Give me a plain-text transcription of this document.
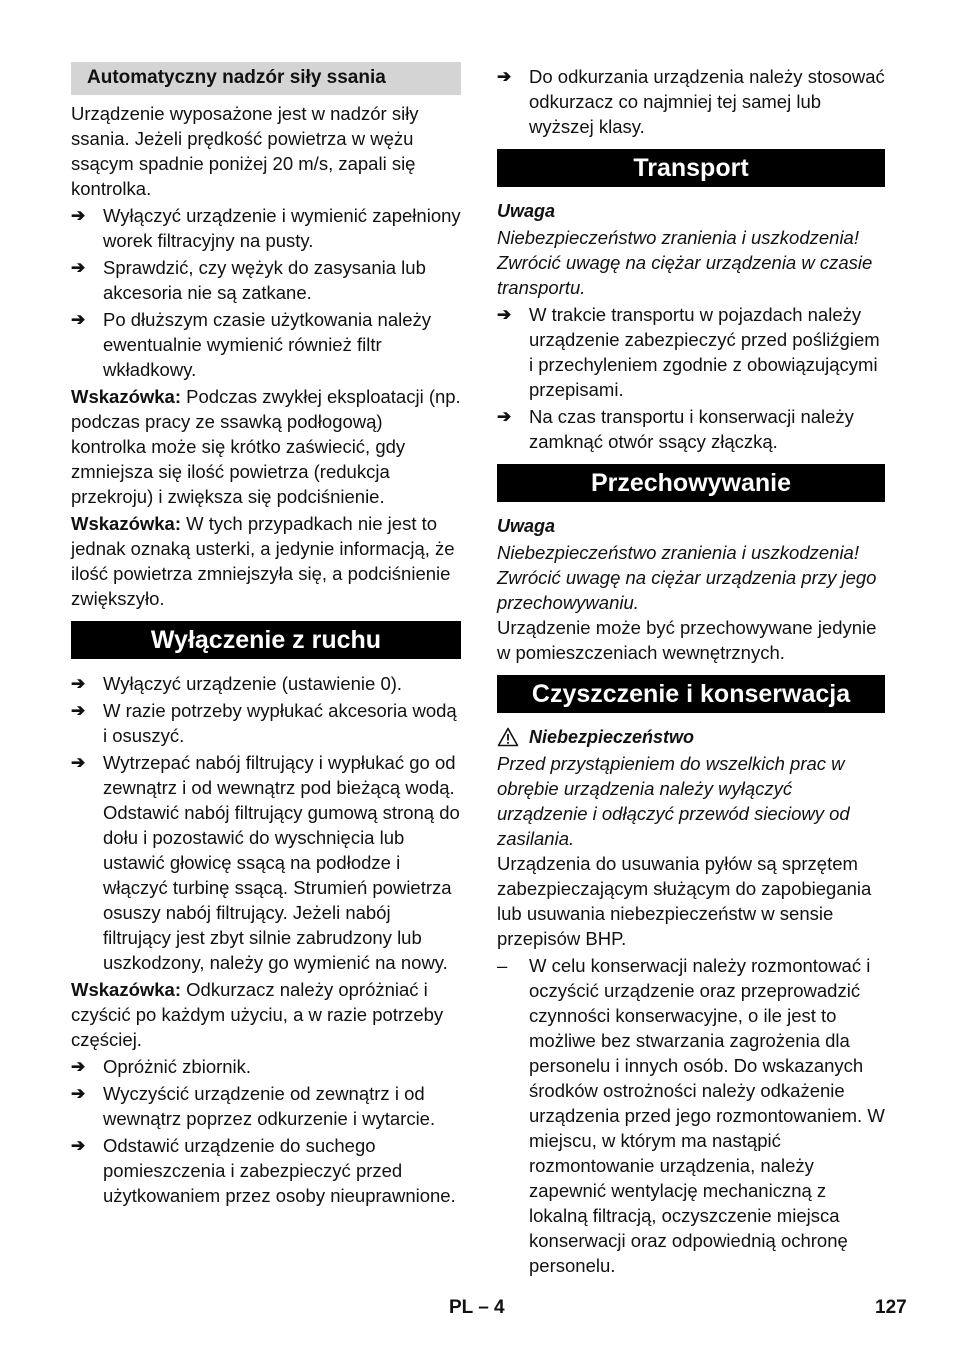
Automatyczny nadzór siły ssania

Urządzenie wyposażone jest w nadzór siły ssania. Jeżeli prędkość powietrza w wężu ssącym spadnie poniżej 20 m/s, zapali się kontrolka.

➔ Wyłączyć urządzenie i wymienić zapełniony worek filtracyjny na pusty.
➔ Sprawdzić, czy wężyk do zasysania lub akcesoria nie są zatkane.
➔ Po dłuższym czasie użytkowania należy ewentualnie wymienić również filtr wkładkowy.

Wskazówka: Podczas zwykłej eksploatacji (np. podczas pracy ze ssawką podłogową) kontrolka może się krótko zaświecić, gdy zmniejsza się ilość powietrza (redukcja przekroju) i zwiększa się podciśnienie.

Wskazówka: W tych przypadkach nie jest to jednak oznaką usterki, a jedynie informacją, że ilość powietrza zmniejszyła się, a podciśnienie zwiększyło.

Wyłączenie z ruchu
➔ Wyłączyć urządzenie (ustawienie 0).
➔ W razie potrzeby wypłukać akcesoria wodą i osuszyć.
➔ Wytrzepać nabój filtrujący i wypłukać go od zewnątrz i od wewnątrz pod bieżącą wodą. Odstawić nabój filtrujący gumową stroną do dołu i pozostawić do wyschnięcia lub ustawić głowicę ssącą na podłodze i włączyć turbinę ssącą. Strumień powietrza osuszy nabój filtrujący. Jeżeli nabój filtrujący jest zbyt silnie zabrudzony lub uszkodzony, należy go wymienić na nowy.

Wskazówka: Odkurzacz należy opróżniać i czyścić po każdym użyciu, a w razie potrzeby częściej.

➔ Opróżnić zbiornik.
➔ Wyczyścić urządzenie od zewnątrz i od wewnątrz poprzez odkurzenie i wytarcie.
➔ Odstawić urządzenie do suchego pomieszczenia i zabezpieczyć przed użytkowaniem przez osoby nieuprawnione.
➔ Do odkurzania urządzenia należy stosować odkurzacz co najmniej tej samej lub wyższej klasy.
Transport
Uwaga

Niebezpieczeństwo zranienia i uszkodzenia! Zwrócić uwagę na ciężar urządzenia w czasie transportu.

➔ W trakcie transportu w pojazdach należy urządzenie zabezpieczyć przed pośliźgiem i przechyleniem zgodnie z obowiązującymi przepisami.
➔ Na czas transportu i konserwacji należy zamknąć otwór ssący złączką.
Przechowywanie
Uwaga

Niebezpieczeństwo zranienia i uszkodzenia! Zwrócić uwagę na ciężar urządzenia przy jego przechowywaniu.

Urządzenie może być przechowywane jedynie w pomieszczeniach wewnętrznych.

Czyszczenie i konserwacja
Niebezpieczeństwo

Przed przystąpieniem do wszelkich prac w obrębie urządzenia należy wyłączyć urządzenie i odłączyć przewód sieciowy od zasilania.

Urządzenia do usuwania pyłów są sprzętem zabezpieczającym służącym do zapobiegania lub usuwania niebezpieczeństw w sensie przepisów BHP.

–	W celu konserwacji należy rozmontować i oczyścić urządzenie oraz przeprowadzić czynności konserwacyjne, o ile jest to możliwe bez stwarzania zagrożenia dla personelu i innych osób. Do wskazanych środków ostrożności należy odkażenie urządzenia przed jego rozmontowaniem. W miejscu, w którym ma nastąpić rozmontowanie urządzenia, należy zapewnić wentylację mechaniczną z lokalną filtracją, oczyszczenie miejsca konserwacji oraz odpowiednią ochronę personelu.
PL – 4	127
